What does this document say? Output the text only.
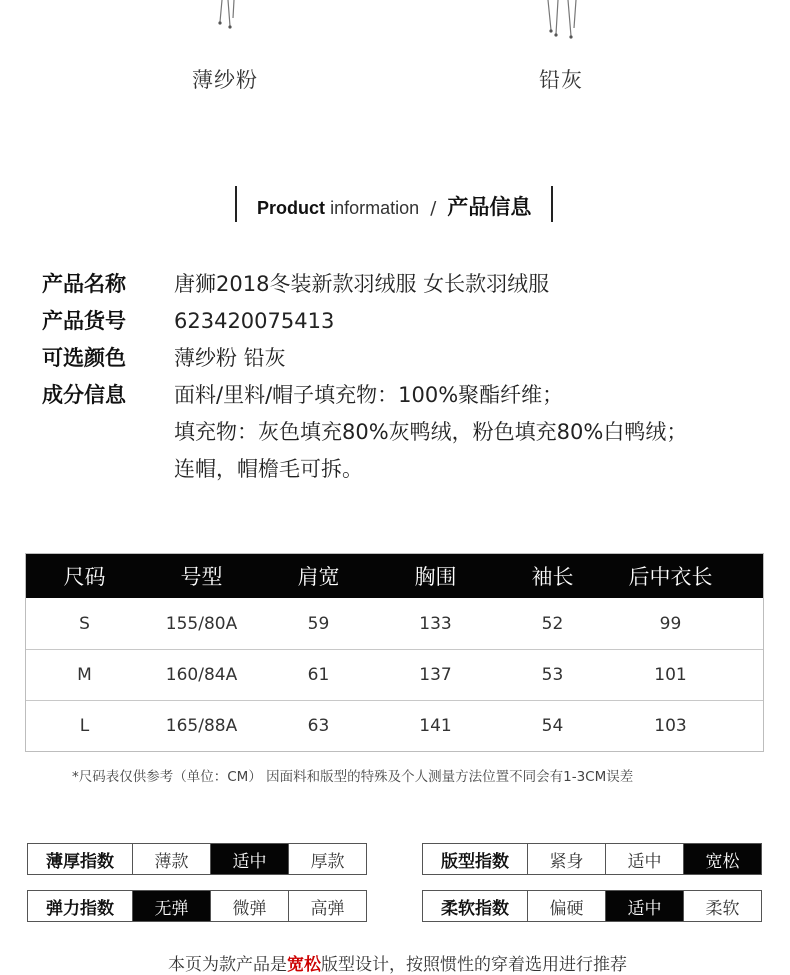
薄纱粉	铅灰
Product information / 产品信息
产品名称	唐狮2018冬装新款羽绒服 女长款羽绒服
产品货号	623420075413
可选颜色	薄纱粉 铅灰
成分信息	面料/里料/帽子填充物：100%聚酯纤维；
填充物：灰色填充80%灰鸭绒，粉色填充80%白鸭绒；
连帽，帽檐毛可拆。
尺码	号型	肩宽	胸围	袖长	后中衣长
S	155/80A	59	133	52	99
M	160/84A	61	137	53	101
L	165/88A	63	141	54	103
*尺码表仅供参考（单位：CM） 因面料和版型的特殊及个人测量方法位置不同会有1-3CM误差
薄厚指数	薄款	适中	厚款	版型指数	紧身	适中	宽松
弹力指数	无弹	微弹	高弹	柔软指数	偏硬	适中	柔软
本页为款产品是宽松版型设计，按照惯性的穿着选用进行推荐
